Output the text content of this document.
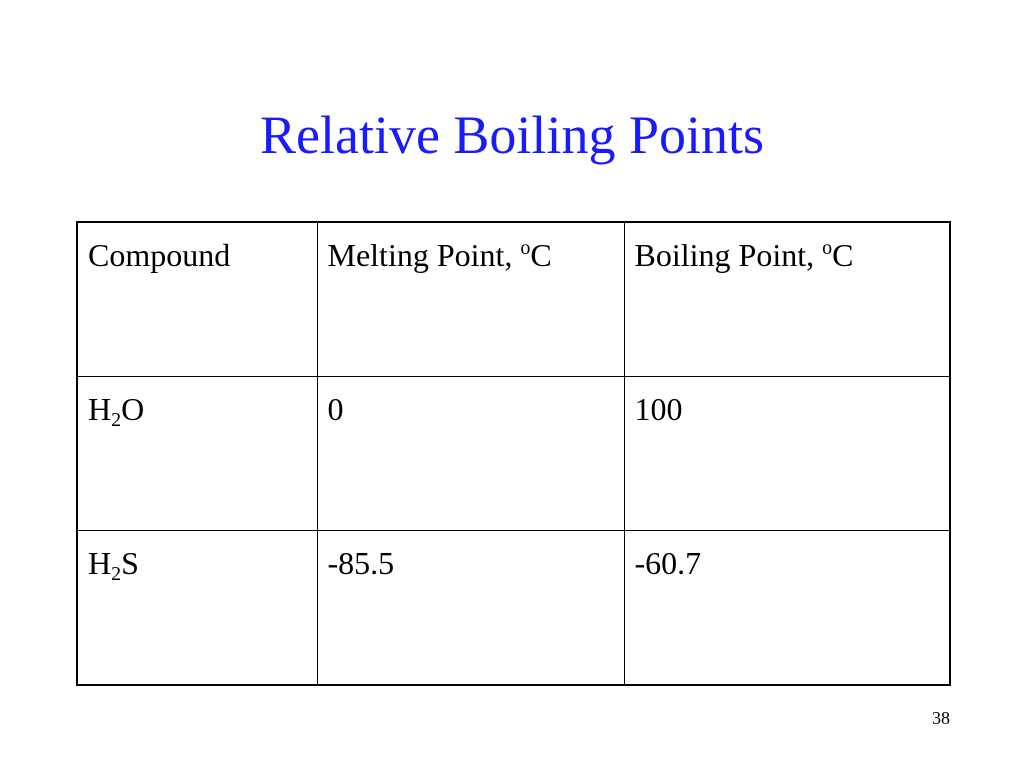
Relative Boiling Points
Compound	Melting Point, $^o$C	Boiling Point, $^o$C
$H_2O$	0	100
$H_2S$	-85.5	-60.7
38
